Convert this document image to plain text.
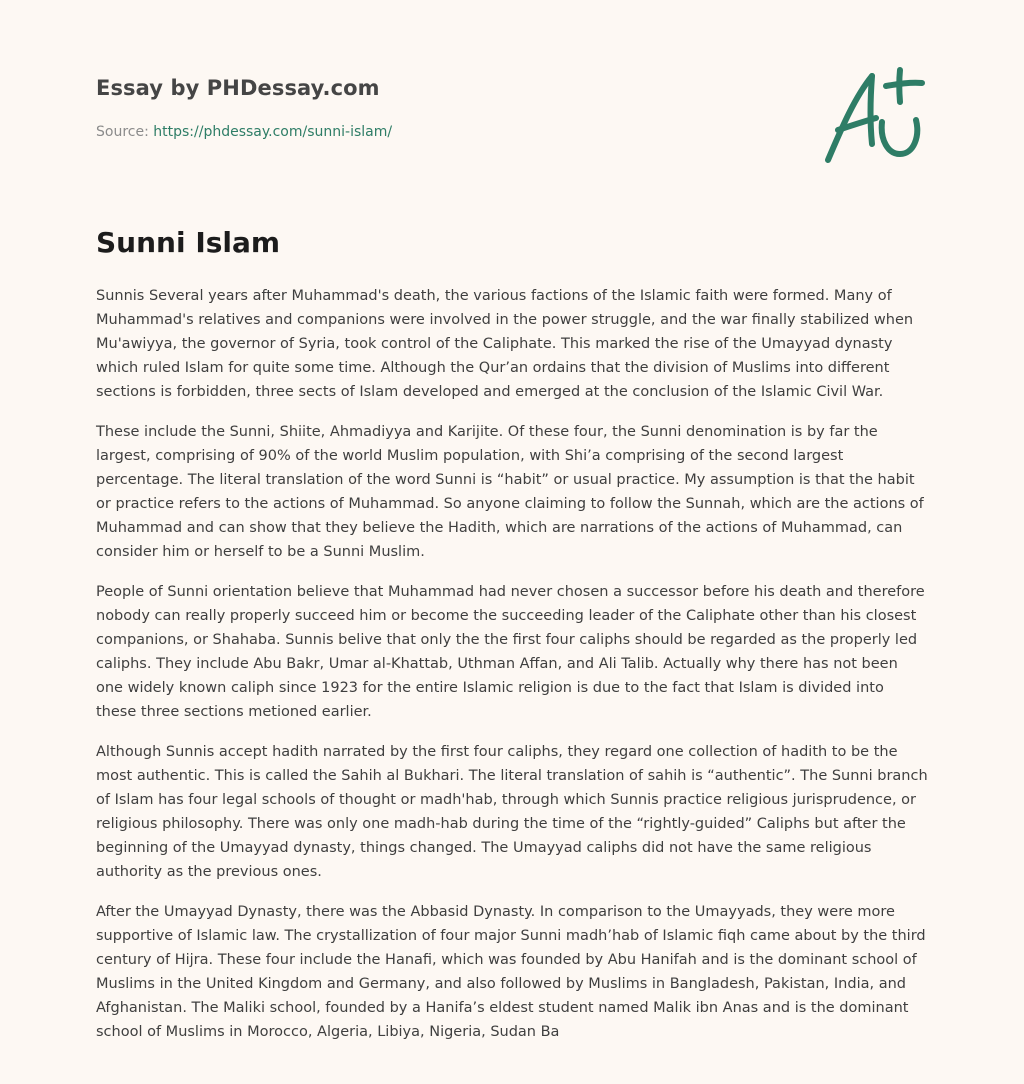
Essay by PHDessay.com
Source: https://phdessay.com/sunni-islam/
Sunni Islam

Sunnis Several years after Muhammad's death, the various factions of the Islamic faith were formed. Many of Muhammad's relatives and companions were involved in the power struggle, and the war finally stabilized when Mu'awiyya, the governor of Syria, took control of the Caliphate. This marked the rise of the Umayyad dynasty which ruled Islam for quite some time. Although the Qur’an ordains that the division of Muslims into different sections is forbidden, three sects of Islam developed and emerged at the conclusion of the Islamic Civil War.

These include the Sunni, Shiite, Ahmadiyya and Karijite. Of these four, the Sunni denomination is by far the largest, comprising of 90% of the world Muslim population, with Shi’a comprising of the second largest percentage. The literal translation of the word Sunni is “habit” or usual practice. My assumption is that the habit or practice refers to the actions of Muhammad. So anyone claiming to follow the Sunnah, which are the actions of Muhammad and can show that they believe the Hadith, which are narrations of the actions of Muhammad, can consider him or herself to be a Sunni Muslim.

People of Sunni orientation believe that Muhammad had never chosen a successor before his death and therefore nobody can really properly succeed him or become the succeeding leader of the Caliphate other than his closest companions, or Shahaba. Sunnis belive that only the the first four caliphs should be regarded as the properly led caliphs. They include Abu Bakr, Umar al-Khattab, Uthman Affan, and Ali Talib. Actually why there has not been one widely known caliph since 1923 for the entire Islamic religion is due to the fact that Islam is divided into these three sections metioned earlier.

Although Sunnis accept hadith narrated by the first four caliphs, they regard one collection of hadith to be the most authentic. This is called the Sahih al Bukhari. The literal translation of sahih is “authentic”. The Sunni branch of Islam has four legal schools of thought or madh'hab, through which Sunnis practice religious jurisprudence, or religious philosophy. There was only one madh-hab during the time of the “rightly-guided” Caliphs but after the beginning of the Umayyad dynasty, things changed. The Umayyad caliphs did not have the same religious authority as the previous ones.

After the Umayyad Dynasty, there was the Abbasid Dynasty. In comparison to the Umayyads, they were more supportive of Islamic law. The crystallization of four major Sunni madh’hab of Islamic fiqh came about by the third century of Hijra. These four include the Hanafi, which was founded by Abu Hanifah and is the dominant school of Muslims in the United Kingdom and Germany, and also followed by Muslims in Bangladesh, Pakistan, India, and Afghanistan. The Maliki school, founded by a Hanifa’s eldest student named Malik ibn Anas and is the dominant school of Muslims in Morocco, Algeria, Libiya, Nigeria, Sudan Ba
